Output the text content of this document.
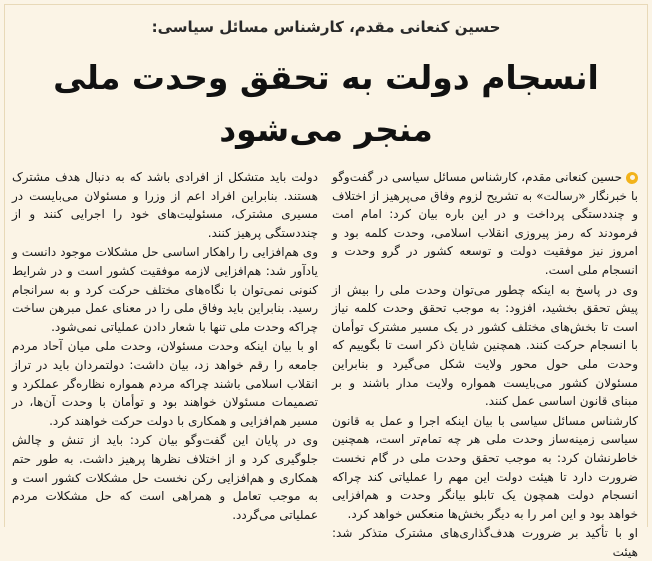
حسین کنعانی مقدم، کارشناس مسائل سیاسی:
انسجام دولت به تحقق وحدت ملی
منجر می‌شود

حسین کنعانی مقدم، کارشناس مسائل سیاسی در گفت‌وگو با خبرنگار «رسالت» به تشریح لزوم وفاق می‌پرهیز از اختلاف و چنددستگی پرداخت و در این باره بیان کرد: امام امت فرمودند که رمز پیروزی انقلاب اسلامی، وحدت کلمه بود و امروز نیز موفقیت دولت و توسعه کشور در گرو وحدت و انسجام ملی است.

وی در پاسخ به اینکه چطور می‌توان وحدت ملی را بیش از پیش تحقق بخشید، افزود: به موجب تحقق وحدت کلمه نیاز است تا بخش‌های مختلف کشور در یک مسیر مشترک توأمان با انسجام حرکت کنند. همچنین شایان ذکر است تا بگوییم که وحدت ملی حول محور ولایت شکل می‌گیرد و بنابراین مسئولان کشور می‌بایست همواره ولایت مدار باشند و بر مبنای قانون اساسی عمل کنند.

کارشناس مسائل سیاسی با بیان اینکه اجرا و عمل به قانون سیاسی زمینه‌ساز وحدت ملی هر چه تمام‌تر است، همچنین خاطرنشان کرد: به موجب تحقق وحدت ملی در گام نخست ضرورت دارد تا هیئت دولت این مهم را عملیاتی کند چراکه انسجام دولت همچون یک تابلو بیانگر وحدت و هم‌افزایی خواهد بود و این امر را به دیگر بخش‌ها منعکس خواهد کرد.

او با تأکید بر ضرورت هدف‌گذاری‌های مشترک متذکر شد: هیئت

دولت باید متشکل از افرادی باشد که به دنبال هدف مشترک هستند. بنابراین افراد اعم از وزرا و مسئولان می‌بایست در مسیری مشترک، مسئولیت‌های خود را اجرایی کنند و از چنددستگی پرهیز کنند.

وی هم‌افزایی را راهکار اساسی حل مشکلات موجود دانست و یادآور شد: هم‌افزایی لازمه موفقیت کشور است و در شرایط کنونی نمی‌توان با نگاه‌های مختلف حرکت کرد و به سرانجام رسید. بنابراین باید وفاق ملی را در معنای عمل مبرهن ساخت چراکه وحدت ملی تنها با شعار دادن عملیاتی نمی‌شود.

او با بیان اینکه وحدت مسئولان، وحدت ملی میان آحاد مردم جامعه را رقم خواهد زد، بیان داشت: دولتمردان باید در تراز انقلاب اسلامی باشند چراکه مردم همواره نظاره‌گر عملکرد و تصمیمات مسئولان خواهند بود و توأمان با وحدت آن‌ها، در مسیر هم‌افزایی و همکاری با دولت حرکت خواهند کرد.

وی در پایان این گفت‌وگو بیان کرد: باید از تنش و چالش جلوگیری کرد و از اختلاف نظرها پرهیز داشت. به طور حتم همکاری و هم‌افزایی رکن نخست حل مشکلات کشور است و به موجب تعامل و همراهی است که حل مشکلات مردم عملیاتی می‌گردد.
